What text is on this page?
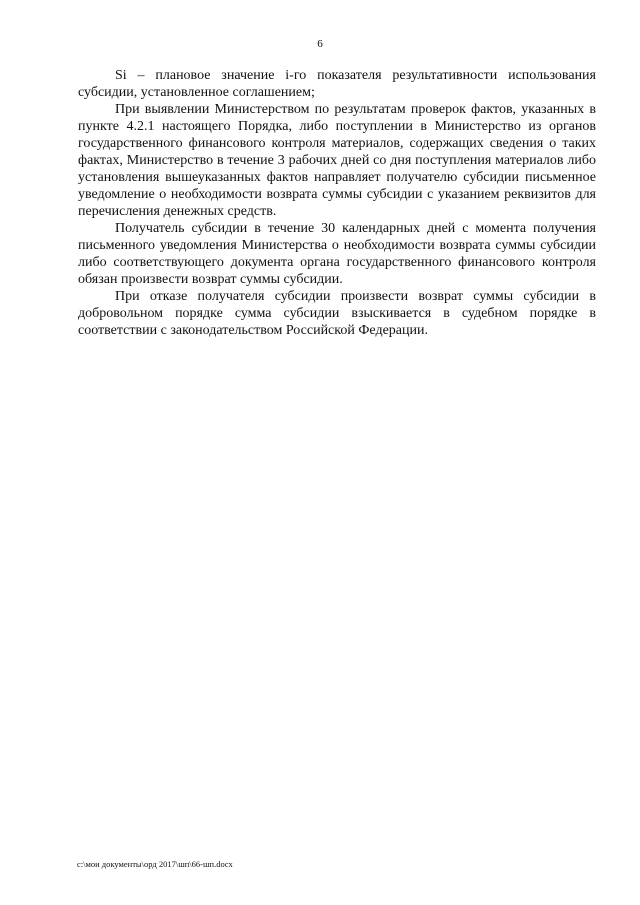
6

Si – плановое значение i-го показателя результативности использования субсидии, установленное соглашением;

При выявлении Министерством по результатам проверок фактов, указанных в пункте 4.2.1 настоящего Порядка, либо поступлении в Министерство из органов государственного финансового контроля материалов, содержащих сведения о таких фактах, Министерство в течение 3 рабочих дней со дня поступления материалов либо установления вышеуказанных фактов направляет получателю субсидии письменное уведомление о необходимости возврата суммы субсидии с указанием реквизитов для перечисления денежных средств.

Получатель субсидии в течение 30 календарных дней с момента получения письменного уведомления Министерства о необходимости возврата суммы субсидии либо соответствующего документа органа государственного финансового контроля обязан произвести возврат суммы субсидии.

При отказе получателя субсидии произвести возврат суммы субсидии в добровольном порядке сумма субсидии взыскивается в судебном порядке в соответствии с законодательством Российской Федерации.

c:\мои документы\орд 2017\шп\66-шп.docx
